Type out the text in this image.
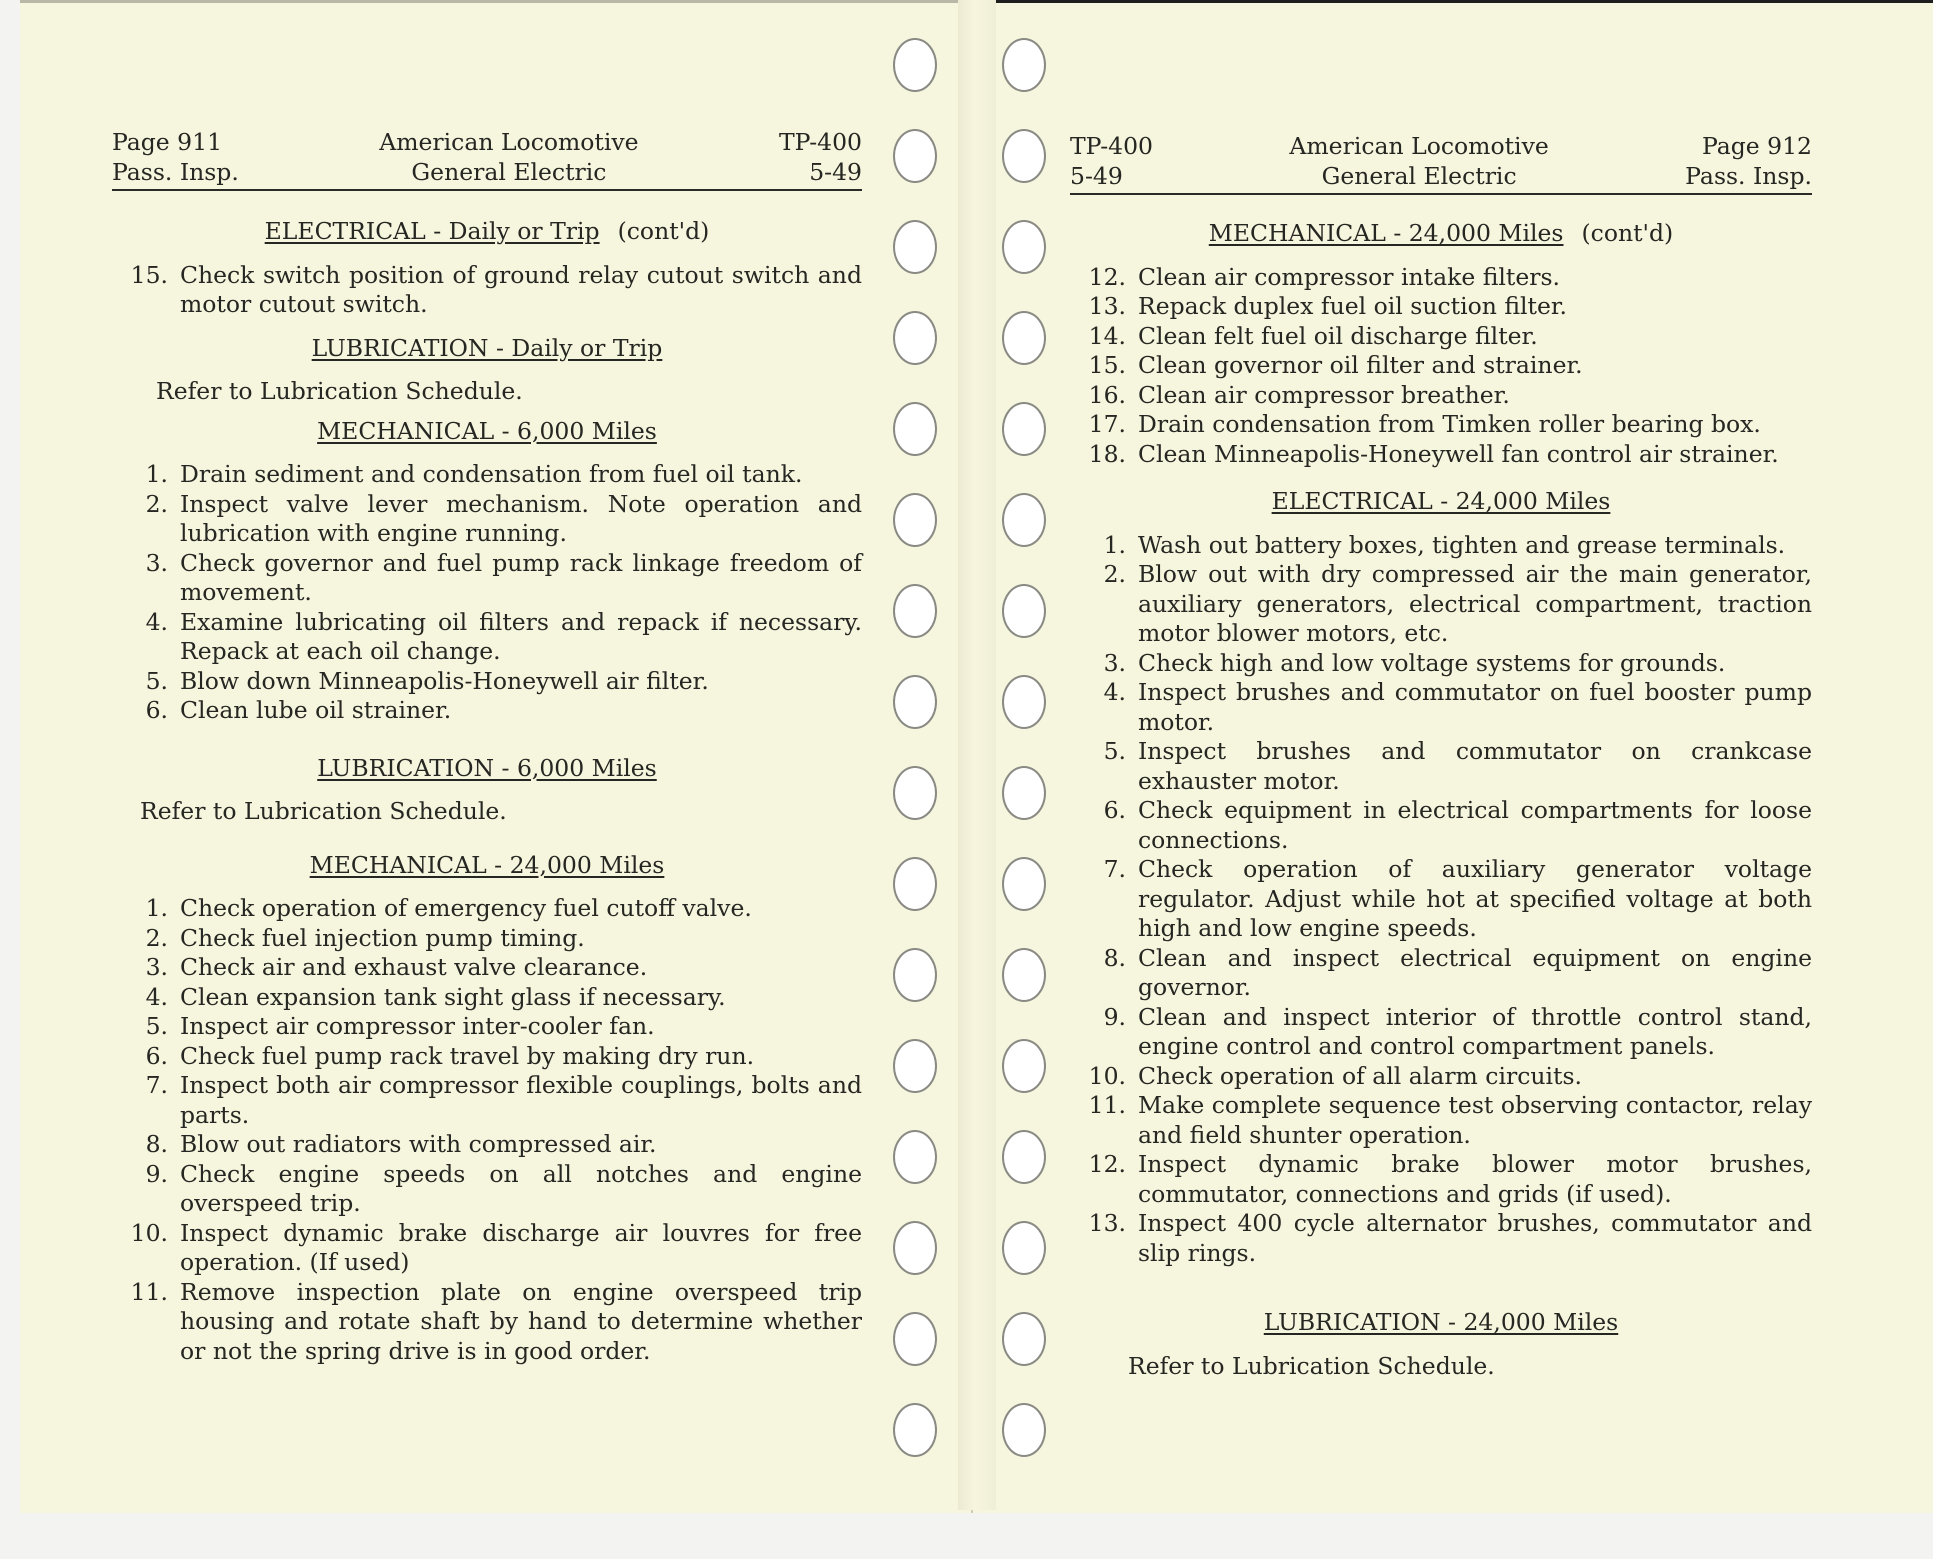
Page 911
Pass. Insp.
American Locomotive
General Electric
TP-400
5-49
ELECTRICAL - Daily or Trip (cont'd)
15. Check switch position of ground relay cutout switch and motor cutout switch.
LUBRICATION - Daily or Trip
Refer to Lubrication Schedule.
MECHANICAL - 6,000 Miles
1. Drain sediment and condensation from fuel oil tank.
2. Inspect valve lever mechanism. Note operation and lubrication with engine running.
3. Check governor and fuel pump rack linkage freedom of movement.
4. Examine lubricating oil filters and repack if necessary. Repack at each oil change.
5. Blow down Minneapolis-Honeywell air filter.
6. Clean lube oil strainer.
LUBRICATION - 6,000 Miles
Refer to Lubrication Schedule.
MECHANICAL - 24,000 Miles
1. Check operation of emergency fuel cutoff valve.
2. Check fuel injection pump timing.
3. Check air and exhaust valve clearance.
4. Clean expansion tank sight glass if necessary.
5. Inspect air compressor inter-cooler fan.
6. Check fuel pump rack travel by making dry run.
7. Inspect both air compressor flexible couplings, bolts and parts.
8. Blow out radiators with compressed air.
9. Check engine speeds on all notches and engine overspeed trip.
10. Inspect dynamic brake discharge air louvres for free operation. (If used)
11. Remove inspection plate on engine overspeed trip housing and rotate shaft by hand to determine whether or not the spring drive is in good order.
TP-400
5-49
American Locomotive
General Electric
Page 912
Pass. Insp.
MECHANICAL - 24,000 Miles (cont'd)
12. Clean air compressor intake filters.
13. Repack duplex fuel oil suction filter.
14. Clean felt fuel oil discharge filter.
15. Clean governor oil filter and strainer.
16. Clean air compressor breather.
17. Drain condensation from Timken roller bearing box.
18. Clean Minneapolis-Honeywell fan control air strainer.
ELECTRICAL - 24,000 Miles
1. Wash out battery boxes, tighten and grease terminals.
2. Blow out with dry compressed air the main generator, auxiliary generators, electrical compartment, traction motor blower motors, etc.
3. Check high and low voltage systems for grounds.
4. Inspect brushes and commutator on fuel booster pump motor.
5. Inspect brushes and commutator on crankcase exhauster motor.
6. Check equipment in electrical compartments for loose connections.
7. Check operation of auxiliary generator voltage regulator. Adjust while hot at specified voltage at both high and low engine speeds.
8. Clean and inspect electrical equipment on engine governor.
9. Clean and inspect interior of throttle control stand, engine control and control compartment panels.
10. Check operation of all alarm circuits.
11. Make complete sequence test observing contactor, relay and field shunter operation.
12. Inspect dynamic brake blower motor brushes, commutator, connections and grids (if used).
13. Inspect 400 cycle alternator brushes, commutator and slip rings.
LUBRICATION - 24,000 Miles
Refer to Lubrication Schedule.
